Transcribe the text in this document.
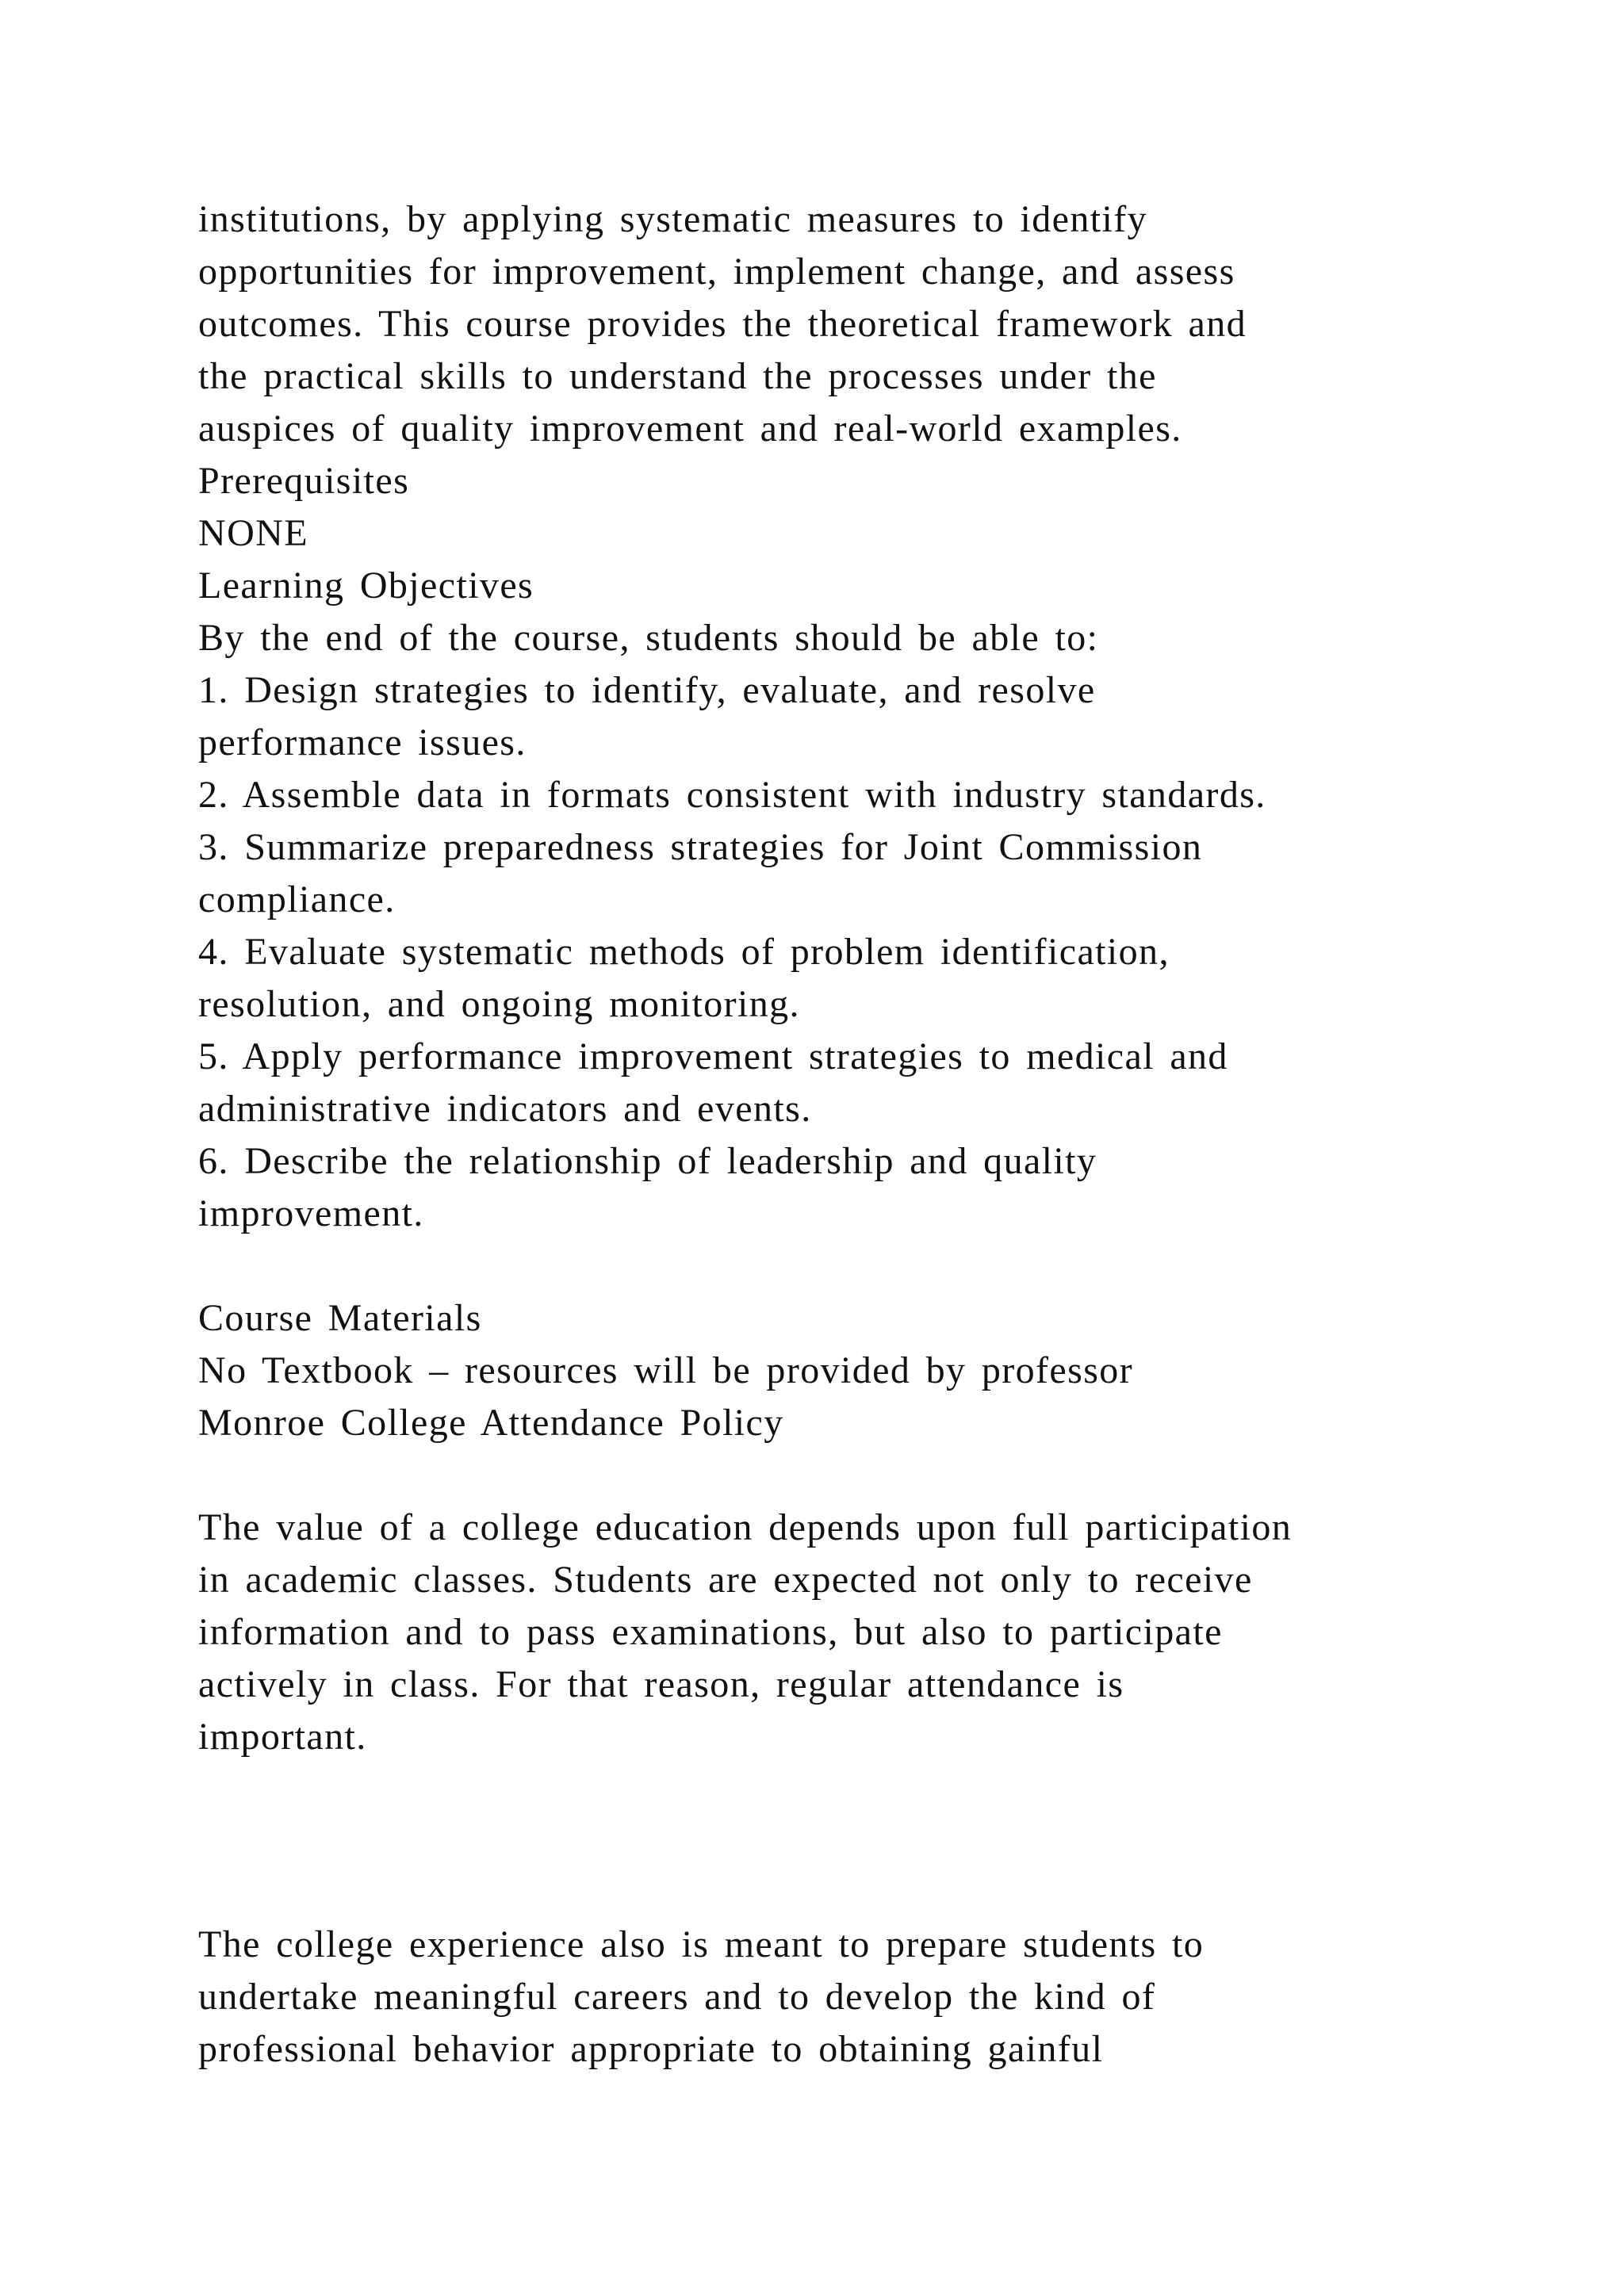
institutions, by applying systematic measures to identify
opportunities for improvement, implement change, and assess
outcomes. This course provides the theoretical framework and
the practical skills to understand the processes under the
auspices of quality improvement and real-world examples.
Prerequisites
NONE
Learning Objectives
By the end of the course, students should be able to:
1. Design strategies to identify, evaluate, and resolve
performance issues.
2. Assemble data in formats consistent with industry standards.
3. Summarize preparedness strategies for Joint Commission
compliance.
4. Evaluate systematic methods of problem identification,
resolution, and ongoing monitoring.
5. Apply performance improvement strategies to medical and
administrative indicators and events.
6. Describe the relationship of leadership and quality
improvement.
Course Materials
No Textbook – resources will be provided by professor
Monroe College Attendance Policy
The value of a college education depends upon full participation
in academic classes. Students are expected not only to receive
information and to pass examinations, but also to participate
actively in class. For that reason, regular attendance is
important.
The college experience also is meant to prepare students to
undertake meaningful careers and to develop the kind of
professional behavior appropriate to obtaining gainful
